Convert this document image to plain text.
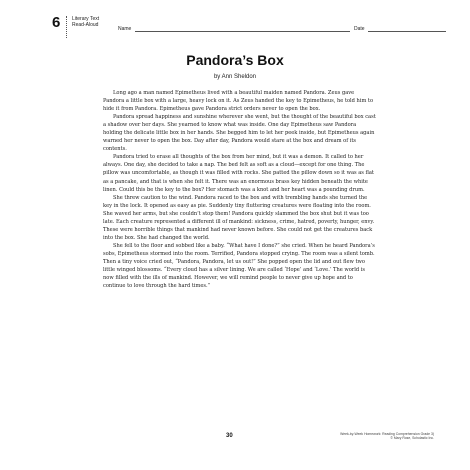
6 Literary Text
Read-Aloud
Name	Date
Pandora’s Box
by Ann Sheldon

Long ago a man named Epimetheus lived with a beautiful maiden named Pandora. Zeus gave Pandora a little box with a large, heavy lock on it. As Zeus handed the key to Epimetheus, he told him to hide it from Pandora. Epimetheus gave Pandora strict orders never to open the box.

Pandora spread happiness and sunshine wherever she went, but the thought of the beautiful box cast a shadow over her days. She yearned to know what was inside. One day Epimetheus saw Pandora holding the delicate little box in her hands. She begged him to let her peek inside, but Epimetheus again warned her never to open the box. Day after day, Pandora would stare at the box and dream of its contents.

Pandora tried to erase all thoughts of the box from her mind, but it was a demon. It called to her always. One day, she decided to take a nap. The bed felt as soft as a cloud—except for one thing. The pillow was uncomfortable, as though it was filled with rocks. She patted the pillow down so it was as flat as a pancake, and that is when she felt it. There was an enormous brass key hidden beneath the white linen. Could this be the key to the box? Her stomach was a knot and her heart was a pounding drum.

She threw caution to the wind. Pandora raced to the box and with trembling hands she turned the key in the lock. It opened as easy as pie. Suddenly tiny fluttering creatures were floating into the room. She waved her arms, but she couldn’t stop them! Pandora quickly slammed the box shut but it was too late. Each creature represented a different ill of mankind: sickness, crime, hatred, poverty, hunger, envy. These were horrible things that mankind had never known before. She could not get the creatures back into the box. She had changed the world.

She fell to the floor and sobbed like a baby. “What have I done?” she cried. When he heard Pandora’s sobs, Epimetheus stormed into the room. Terrified, Pandora stopped crying. The room was a silent tomb. Then a tiny voice cried out, “Pandora, Pandora, let us out!” She popped open the lid and out flew two little winged blossoms. “Every cloud has a silver lining. We are called ‘Hope’ and ‘Love.’ The world is now filled with the ills of mankind. However, we will remind people to never give up hope and to continue to love through the hard times.”

30	Week-by-Week Homework: Reading Comprehension Grade 3)
© Mary Rose, Scholastic Inc.
